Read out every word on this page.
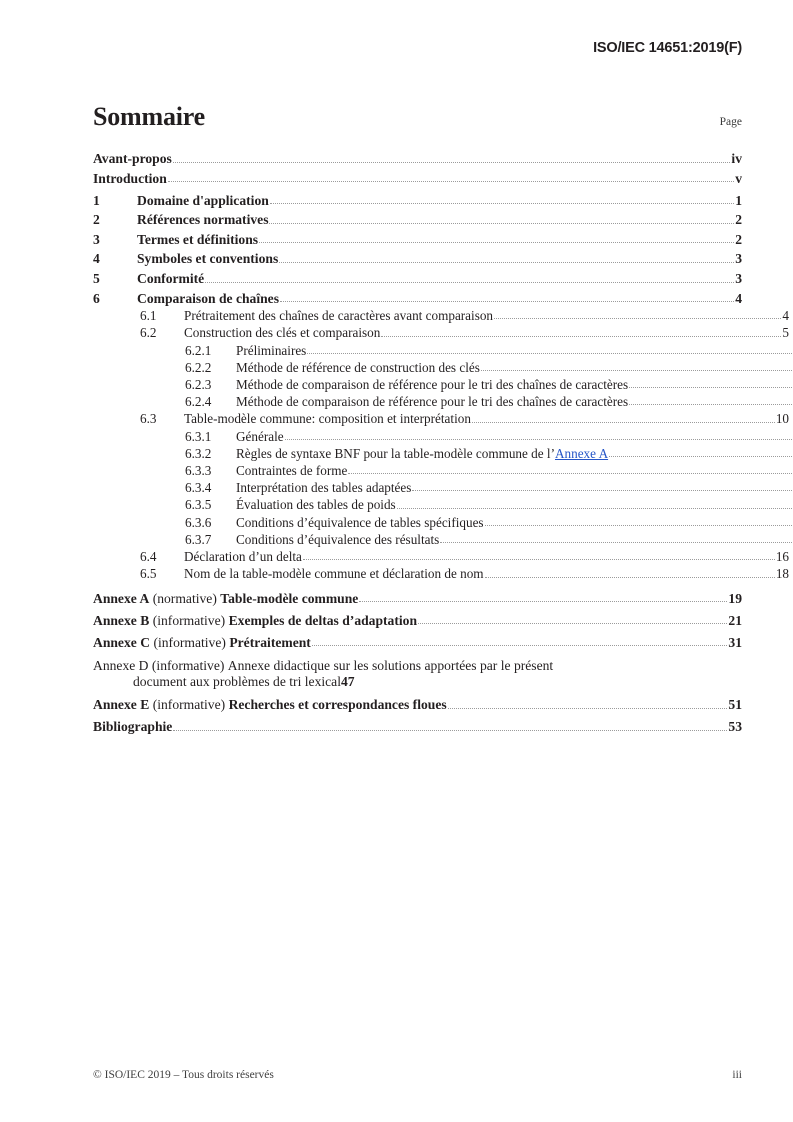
ISO/IEC 14651:2019(F)
Sommaire	Page
Avant-propos	iv
Introduction	v
1	Domaine d'application	1
2	Références normatives	2
3	Termes et définitions	2
4	Symboles et conventions	3
5	Conformité	3
6	Comparaison de chaînes	4
6.1	Prétraitement des chaînes de caractères avant comparaison	4
6.2	Construction des clés et comparaison	5
6.2.1	Préliminaires
6.2.2	Méthode de référence de construction des clés
6.2.3	Méthode de comparaison de référence pour le tri des chaînes de caractères
6.2.4	Méthode de comparaison de référence pour le tri des chaînes de caractères
6.3	Table-modèle commune: composition et interprétation	10
6.3.1	Générale
6.3.2	Règles de syntaxe BNF pour la table-modèle commune de l’Annexe A
6.3.3	Contraintes de forme
6.3.4	Interprétation des tables adaptées
6.3.5	Évaluation des tables de poids
6.3.6	Conditions d’équivalence de tables spécifiques
6.3.7	Conditions d’équivalence des résultats
6.4	Déclaration d’un delta	16
6.5	Nom de la table-modèle commune et déclaration de nom	18
Annexe A (normative) Table-modèle commune	19
Annexe B (informative) Exemples de deltas d’adaptation	21
Annexe C (informative) Prétraitement	31
Annexe D (informative) Annexe didactique sur les solutions apportées par le présent
document aux problèmes de tri lexical 47
Annexe E (informative) Recherches et correspondances floues	51
Bibliographie	53
© ISO/IEC 2019 – Tous droits réservés	iii
